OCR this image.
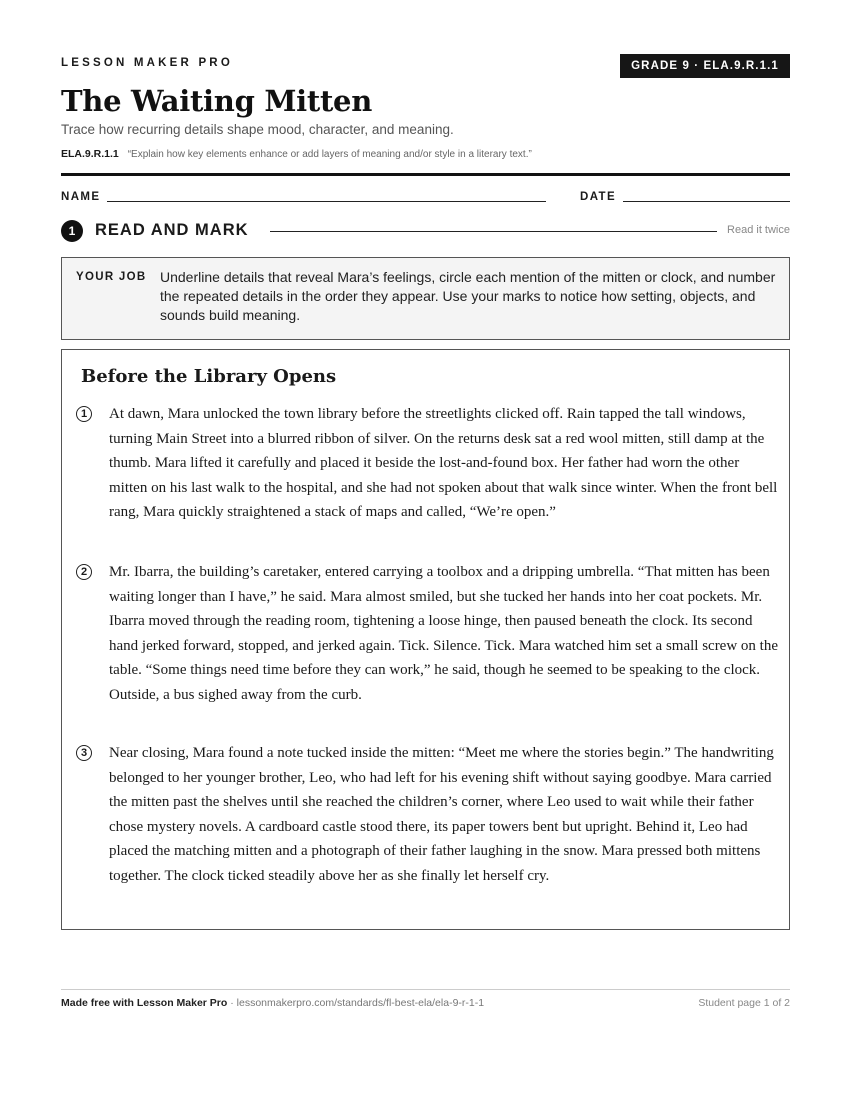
LESSON MAKER PRO	GRADE 9 · ELA.9.R.1.1
The Waiting Mitten
Trace how recurring details shape mood, character, and meaning.
ELA.9.R.1.1 “Explain how key elements enhance or add layers of meaning and/or style in a literary text.”
NAME	DATE
1	READ AND MARK	Read it twice
YOUR JOB Underline details that reveal Mara’s feelings, circle each mention of the mitten or clock, and number the repeated details in the order they appear. Use your marks to notice how setting, objects, and sounds build meaning.
Before the Library Opens
1	At dawn, Mara unlocked the town library before the streetlights clicked off. Rain tapped the tall windows, turning Main Street into a blurred ribbon of silver. On the returns desk sat a red wool mitten, still damp at the thumb. Mara lifted it carefully and placed it beside the lost-and-found box. Her father had worn the other mitten on his last walk to the hospital, and she had not spoken about that walk since winter. When the front bell rang, Mara quickly straightened a stack of maps and called, “We’re open.”

2	Mr. Ibarra, the building’s caretaker, entered carrying a toolbox and a dripping umbrella. “That mitten has been waiting longer than I have,” he said. Mara almost smiled, but she tucked her hands into her coat pockets. Mr. Ibarra moved through the reading room, tightening a loose hinge, then paused beneath the clock. Its second hand jerked forward, stopped, and jerked again. Tick. Silence. Tick. Mara watched him set a small screw on the table. “Some things need time before they can work,” he said, though he seemed to be speaking to the clock. Outside, a bus sighed away from the curb.

3	Near closing, Mara found a note tucked inside the mitten: “Meet me where the stories begin.” The handwriting belonged to her younger brother, Leo, who had left for his evening shift without saying goodbye. Mara carried the mitten past the shelves until she reached the children’s corner, where Leo used to wait while their father chose mystery novels. A cardboard castle stood there, its paper towers bent but upright. Behind it, Leo had placed the matching mitten and a photograph of their father laughing in the snow. Mara pressed both mittens together. The clock ticked steadily above her as she finally let herself cry.

Made free with Lesson Maker Pro · lessonmakerpro.com/standards/fl-best-ela/ela-9-r-1-1	Student page 1 of 2
